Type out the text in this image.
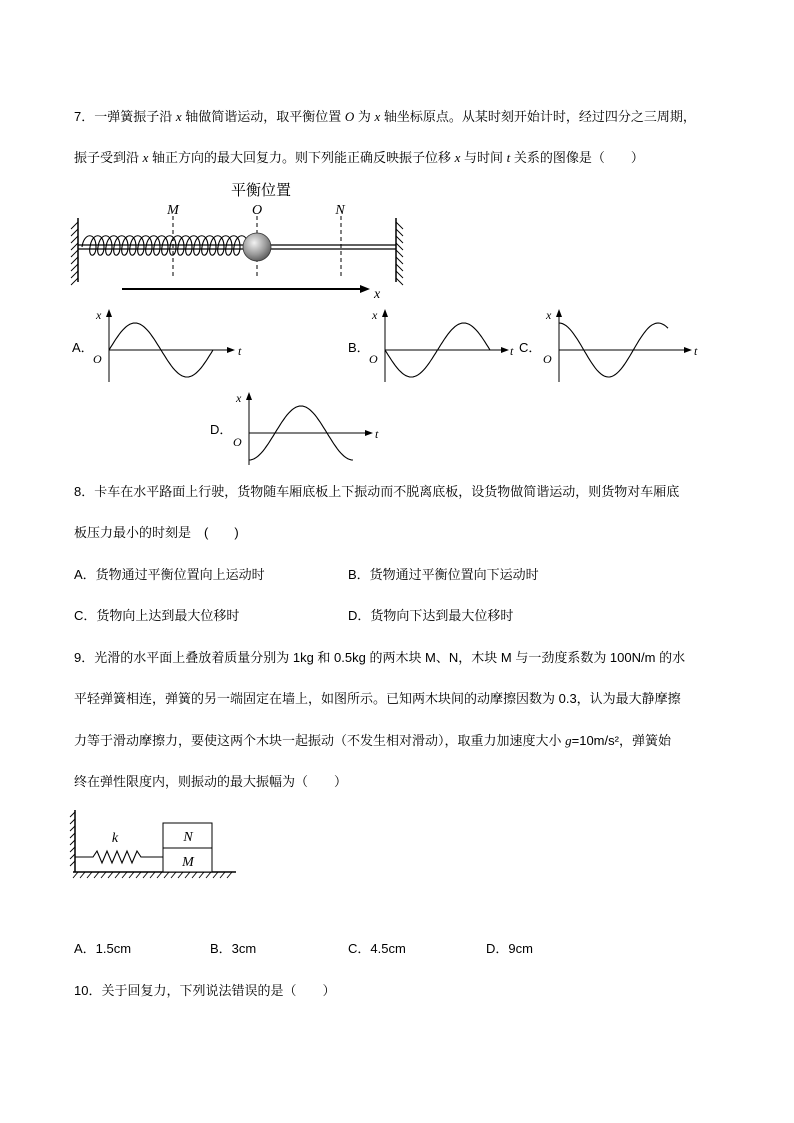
7．一弹簧振子沿 x 轴做简谐运动，取平衡位置 O 为 x 轴坐标原点。从某时刻开始计时，经过四分之三周期，
振子受到沿 x 轴正方向的最大回复力。则下列能正确反映振子位移 x 与时间 t 关系的图像是（　　）
平衡位置
M	O	N
x
A．
x
t
O
B．
x
t
O
C．
x
t
O
D．
x
t
O
8．卡车在水平路面上行驶，货物随车厢底板上下振动而不脱离底板，设货物做简谐运动，则货物对车厢底
板压力最小的时刻是　(　　)
A．货物通过平衡位置向上运动时	B．货物通过平衡位置向下运动时
C．货物向上达到最大位移时	D．货物向下达到最大位移时
9．光滑的水平面上叠放着质量分别为 1kg 和 0.5kg 的两木块 M、N，木块 M 与一劲度系数为 100N/m 的水
平轻弹簧相连，弹簧的另一端固定在墙上，如图所示。已知两木块间的动摩擦因数为 0.3，认为最大静摩擦
力等于滑动摩擦力，要使这两个木块一起振动（不发生相对滑动），取重力加速度大小 g=10m/s²，弹簧始
终在弹性限度内，则振动的最大振幅为（　　）
k	N
M
A．1.5cm	B．3cm	C．4.5cm	D．9cm
10．关于回复力，下列说法错误的是（　　）
